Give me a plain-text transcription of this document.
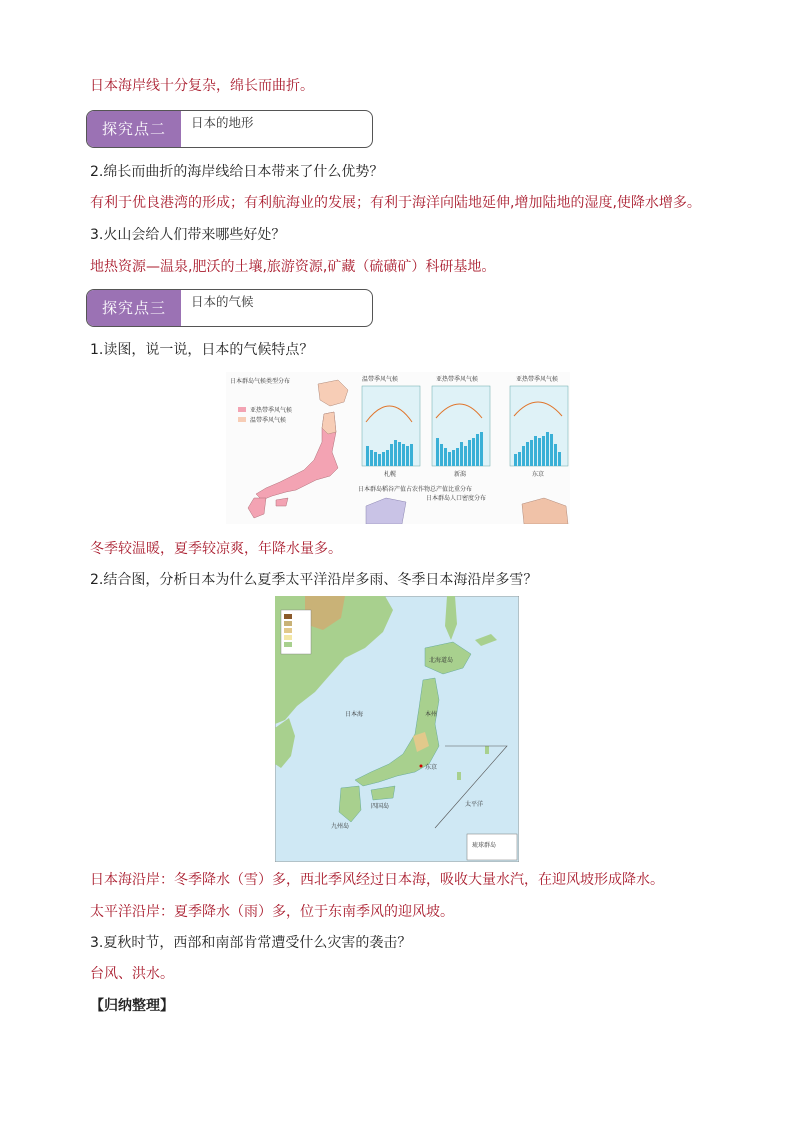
日本海岸线十分复杂，绵长而曲折。
探究点二	日本的地形
2.绵长而曲折的海岸线给日本带来了什么优势？
有利于优良港湾的形成；有利航海业的发展；有利于海洋向陆地延伸,增加陆地的湿度,使降水增多。
3.火山会给人们带来哪些好处？
地热资源—温泉,肥沃的土壤,旅游资源,矿藏（硫磺矿）科研基地。
探究点三	日本的气候
1.读图，说一说，日本的气候特点？
日本群岛气候类型分布
亚热带季风气候
温带季风气候
温带季风气候
札幌
亚热带季风气候
新潟
亚热带季风气候
东京
日本群岛稻谷产值占农作物总产值比重分布
日本群岛人口密度分布
冬季较温暖，夏季较凉爽，年降水量多。
2.结合图，分析日本为什么夏季太平洋沿岸多雨、冬季日本海沿岸多雪？
琉球群岛
北海道岛
本州
东京
四国岛
九州岛
日本海
太平洋
日本海沿岸：冬季降水（雪）多，西北季风经过日本海，吸收大量水汽，在迎风坡形成降水。
太平洋沿岸：夏季降水（雨）多，位于东南季风的迎风坡。
3.夏秋时节，西部和南部肯常遭受什么灾害的袭击？
台风、洪水。
【归纳整理】
